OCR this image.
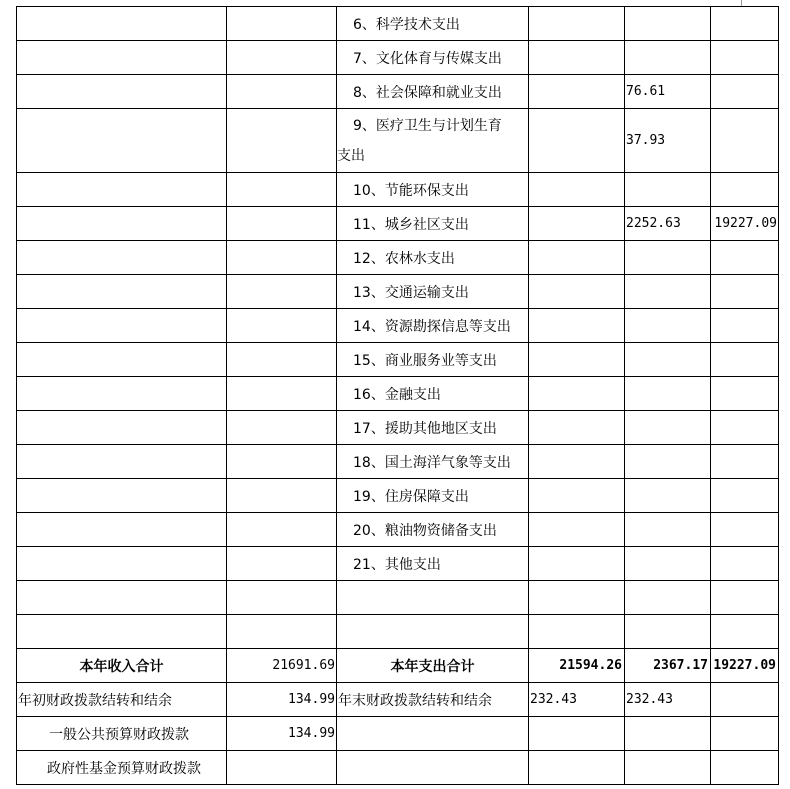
		6、科学技术支出			
		7、文化体育与传媒支出			
		8、社会保障和就业支出		76.61	

		9、医疗卫生与计划生育
支出		37.93	
		10、节能环保支出			
		11、城乡社区支出		2252.63	19227.09
		12、农林水支出			
		13、交通运输支出			
		14、资源勘探信息等支出			
		15、商业服务业等支出			
		16、金融支出			
		17、援助其他地区支出			
		18、国土海洋气象等支出			
		19、住房保障支出			
		20、粮油物资储备支出			
		21、其他支出			

本年收入合计	21691.69	本年支出合计	21594.26	2367.17	19227.09
年初财政拨款结转和结余	134.99	年末财政拨款结转和结余	232.43	232.43	
一般公共预算财政拨款	134.99				
政府性基金预算财政拨款					
